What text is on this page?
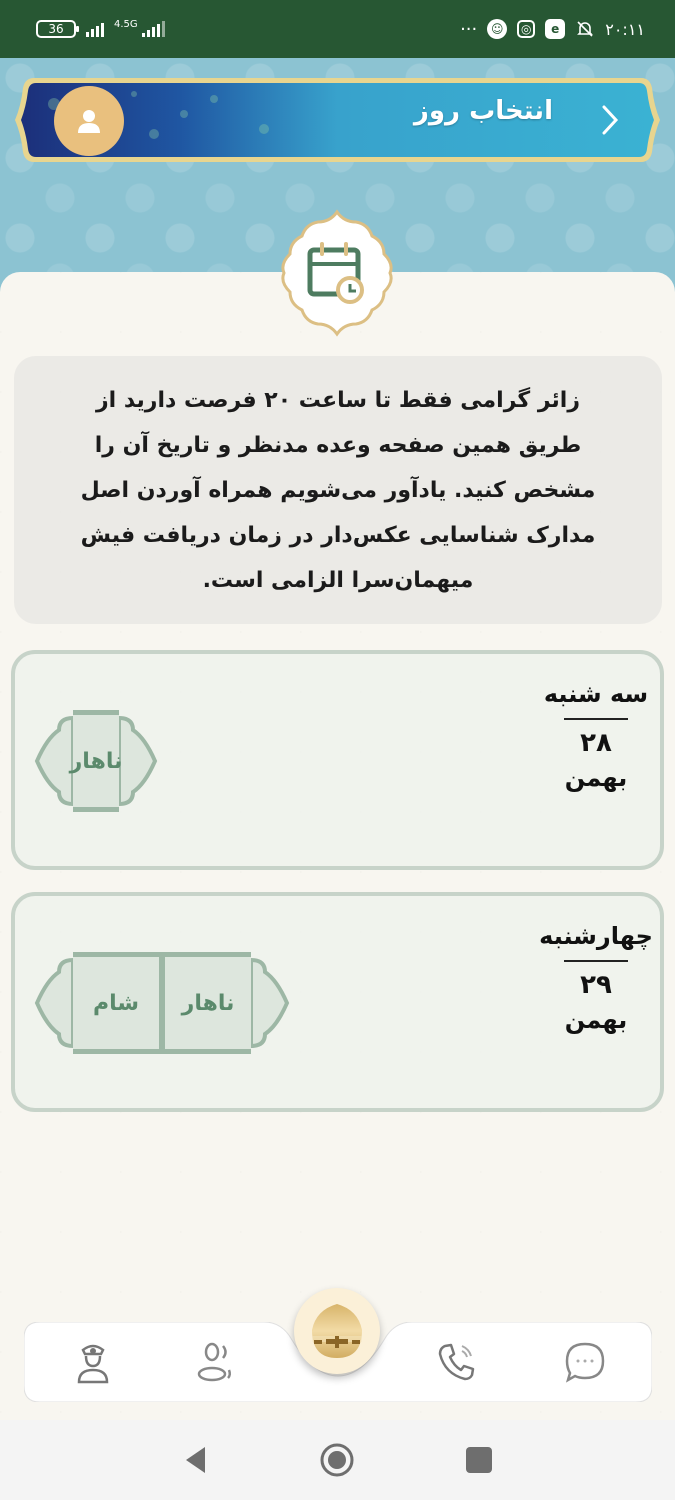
36	4.5G	···	☺	◎	e	۲۰:۱۱
انتخاب روز

زائر گرامی فقط تا ساعت ۲۰ فرصت دارید از طریق همین صفحه وعده مدنظر و تاریخ آن را مشخص کنید. یادآور می‌شویم همراه آوردن اصل مدارک شناسایی عکس‌دار در زمان دریافت فیش میهمان‌سرا الزامی است.

سه شنبه
۲۸
بهمن
ناهار
چهارشنبه
۲۹
بهمن
شام ناهار
